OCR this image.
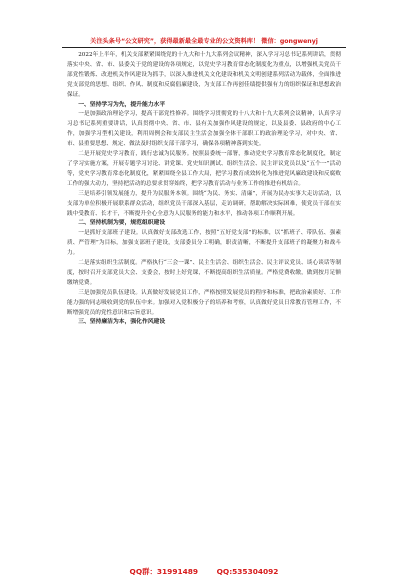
关注头条号“公文研究”，获得最新最全最专业的公文资料库！ 微信：gongwenyj

2022年上半年，机关支部紧紧围绕党的十九大和十九大系列会议精神，深入学习习总书记系列讲话，贯彻落实中央、省、市、县委关于党的建设的各项规定，以党史学习教育常态化制度化为重点，以增强机关党员干部党性锻炼、改进机关作风建设为抓手，以深入推进机关文化建设和机关文明创建系列活动为载体，全面推进党支部党的思想、组织、作风、制度和反腐倡廉建设，为支部工作再创佳绩提供强有力的组织保证和思想政治保证。

一、坚持学习为先，提升能力水平

一是加强政治理论学习，提高干部党性修养。围绕学习贯彻党的十八大和十九大系列会议精神，认真学习习总书记系列重要讲话，认真贯彻中央、省、市、县有关加强作风建设的规定，以及县委、县政府的中心工作，加强学习型机关建设，利用周例会和支部民主生活会加强全体干部职工的政治理论学习，对中央、省、市、县重要思想、规定、做法及时组织支部干部学习，确保各项精神落到实处。

二是开展党史学习教育，践行忠诚为民服务。按照县委统一部署，推动党史学习教育常态化制度化，制定了学习实施方案，开展专题学习讨论、讲党课、党史知识测试、组织生活会、民主评议党员以及“五个一”活动等，党史学习教育常态化制度化，紧紧围绕全县工作大局，把学习教育成效转化为推进党风廉政建设和反腐败工作的强大动力，坚持把活动的总要求贯穿始终，把学习教育活动与业务工作的推进有机结合。

三是培养引领发展能力，提升为民服务本领。围绕“为民、务实、清廉”，开展为民办实事大走访活动，以支部为单位积极开展联系群众活动，组织党员干部深入基层，走访调研，帮助解决实际困难，使党员干部在实践中受教育、长才干，不断提升全心全意为人民服务的能力和水平，推动各项工作顺利开展。

二、坚持机制为要，规范组织建设

一是抓好支部班子建设。认真做好支部改选工作，按照“五好党支部”的标准，以“抓班子、带队伍、强素质、严管理”为目标，加强支部班子建设，支部委员分工明确，职责清晰，不断提升支部班子的凝聚力和战斗力。

二是落实组织生活制度。严格执行“三会一课”、民主生活会、组织生活会、民主评议党员、谈心谈话等制度，按时召开支部党员大会、支委会，按时上好党课，不断提高组织生活质量。严格党费收缴，做到按月足额缴纳党费。

三是加强党员队伍建设。认真做好发展党员工作，严格按照发展党员的程序和标准，把政治素质好、工作能力强的同志吸收到党的队伍中来。加强对入党积极分子的培养和考察，认真做好党员日常教育管理工作，不断增强党员的党性意识和宗旨意识。

三、坚持廉洁为本，强化作风建设

QQ群：31991489	QQ:535304092
